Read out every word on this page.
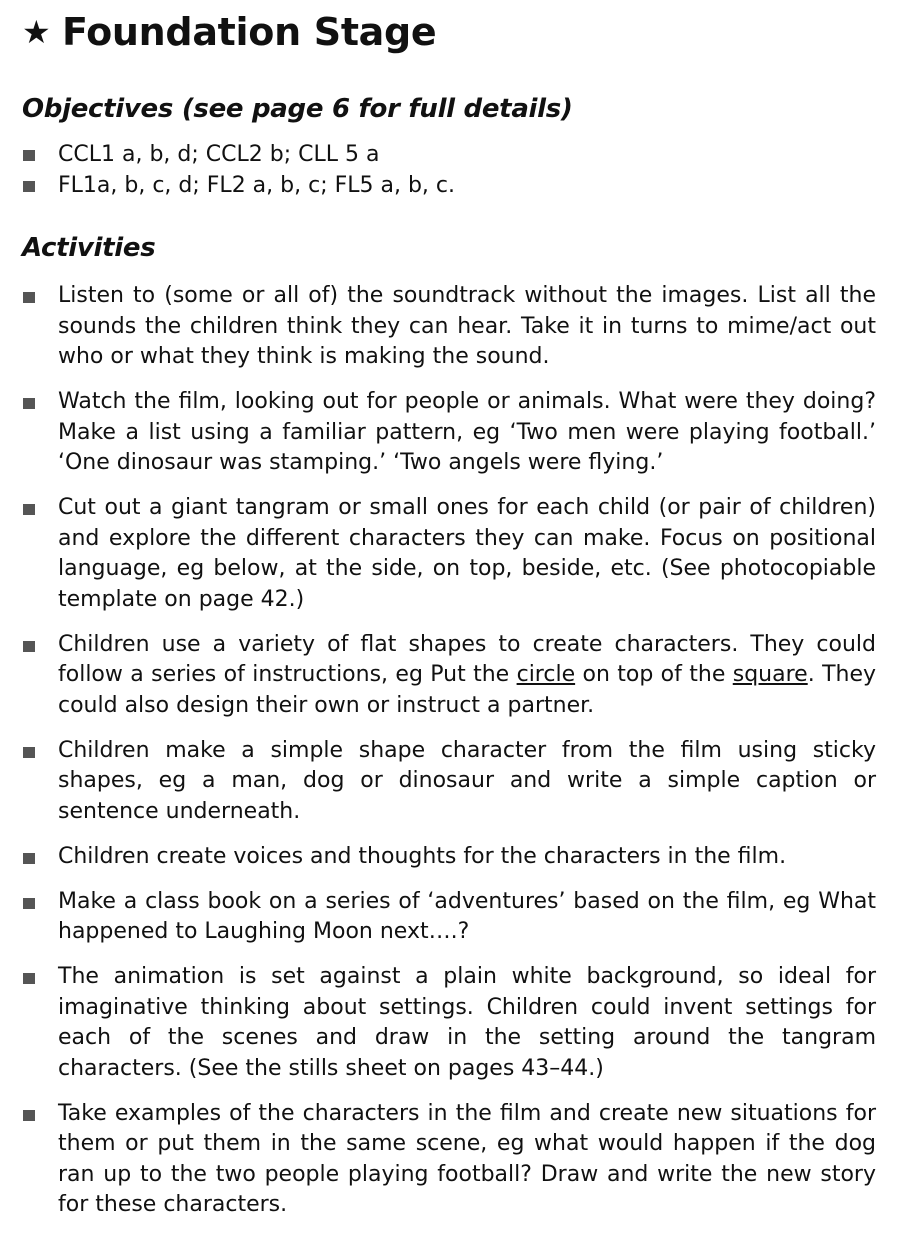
★ Foundation Stage
Objectives (see page 6 for full details)
CCL1 a, b, d; CCL2 b; CLL 5 a
FL1a, b, c, d; FL2 a, b, c; FL5 a, b, c.
Activities
Listen to (some or all of) the soundtrack without the images. List all the sounds the children think they can hear. Take it in turns to mime/act out who or what they think is making the sound.
Watch the film, looking out for people or animals. What were they doing? Make a list using a familiar pattern, eg ‘Two men were playing football.’ ‘One dinosaur was stamping.’ ‘Two angels were flying.’
Cut out a giant tangram or small ones for each child (or pair of children) and explore the different characters they can make. Focus on positional language, eg below, at the side, on top, beside, etc. (See photocopiable template on page 42.)
Children use a variety of flat shapes to create characters. They could follow a series of instructions, eg Put the circle on top of the square. They could also design their own or instruct a partner.
Children make a simple shape character from the film using sticky shapes, eg a man, dog or dinosaur and write a simple caption or sentence underneath.
Children create voices and thoughts for the characters in the film.
Make a class book on a series of ‘adventures’ based on the film, eg What happened to Laughing Moon next….?
The animation is set against a plain white background, so ideal for imaginative thinking about settings. Children could invent settings for each of the scenes and draw in the setting around the tangram characters. (See the stills sheet on pages 43–44.)
Take examples of the characters in the film and create new situations for them or put them in the same scene, eg what would happen if the dog ran up to the two people playing football? Draw and write the new story for these characters.
